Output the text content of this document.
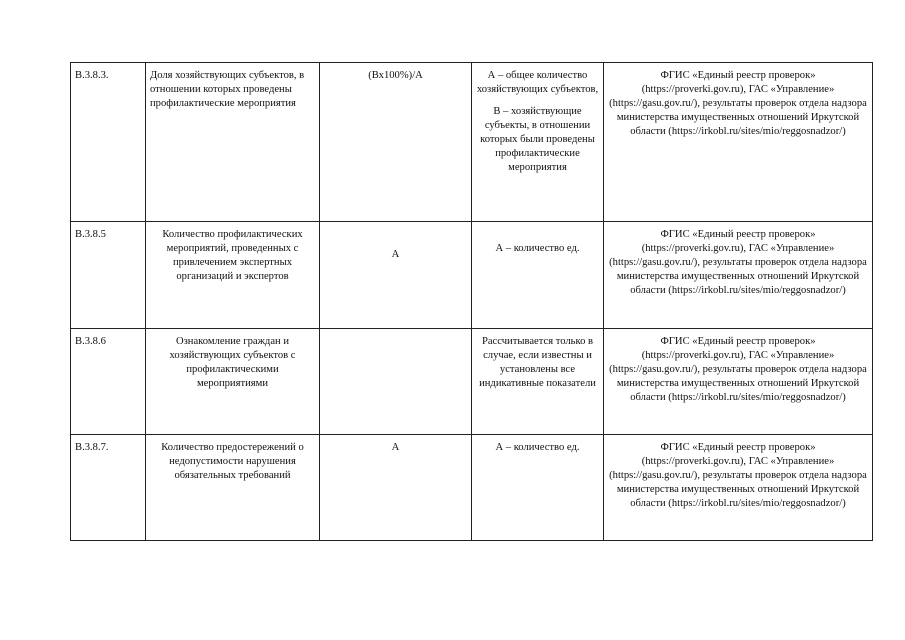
В.3.8.3.	Доля хозяйствующих субъектов, в отношении которых проведены профилактические мероприятия	(Вх100%)/А	А – общее количество хозяйствующих субъектов,
В – хозяйствующие субъекты, в отношении которых были проведены профилактические мероприятия	ФГИС «Единый реестр проверок» (https://proverki.gov.ru), ГАС «Управление» (https://gasu.gov.ru/), результаты проверок отдела надзора министерства имущественных отношений Иркутской области (https://irkobl.ru/sites/mio/reggosnadzor/)
В.3.8.5	Количество профилактических мероприятий, проведенных с привлечением экспертных организаций и экспертов	А	А – количество ед.	ФГИС «Единый реестр проверок» (https://proverki.gov.ru), ГАС «Управление» (https://gasu.gov.ru/), результаты проверок отдела надзора министерства имущественных отношений Иркутской области (https://irkobl.ru/sites/mio/reggosnadzor/)
В.3.8.6	Ознакомление граждан и хозяйствующих субъектов с профилактическими мероприятиями		Рассчитывается только в случае, если известны и установлены все индикативные показатели	ФГИС «Единый реестр проверок» (https://proverki.gov.ru), ГАС «Управление» (https://gasu.gov.ru/), результаты проверок отдела надзора министерства имущественных отношений Иркутской области (https://irkobl.ru/sites/mio/reggosnadzor/)
В.3.8.7.	Количество предостережений о недопустимости нарушения обязательных требований	А	А – количество ед.	ФГИС «Единый реестр проверок» (https://proverki.gov.ru), ГАС «Управление» (https://gasu.gov.ru/), результаты проверок отдела надзора министерства имущественных отношений Иркутской области (https://irkobl.ru/sites/mio/reggosnadzor/)
